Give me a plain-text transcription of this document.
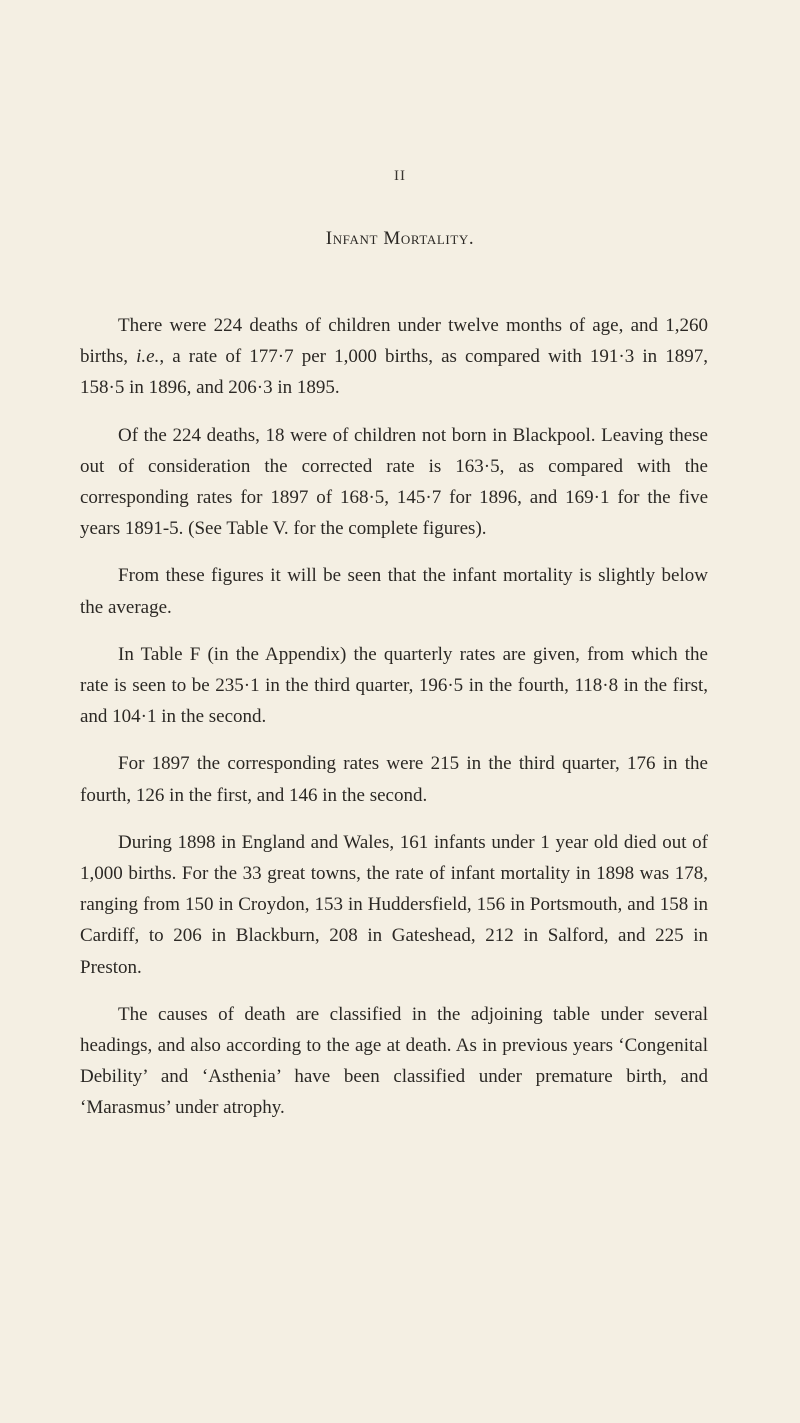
II
Infant Mortality.

There were 224 deaths of children under twelve months of age, and 1,260 births, i.e., a rate of 177·7 per 1,000 births, as compared with 191·3 in 1897, 158·5 in 1896, and 206·3 in 1895.

Of the 224 deaths, 18 were of children not born in Blackpool. Leaving these out of consideration the corrected rate is 163·5, as compared with the corresponding rates for 1897 of 168·5, 145·7 for 1896, and 169·1 for the five years 1891-5. (See Table V. for the complete figures).

From these figures it will be seen that the infant mortality is slightly below the average.

In Table F (in the Appendix) the quarterly rates are given, from which the rate is seen to be 235·1 in the third quarter, 196·5 in the fourth, 118·8 in the first, and 104·1 in the second.

For 1897 the corresponding rates were 215 in the third quarter, 176 in the fourth, 126 in the first, and 146 in the second.

During 1898 in England and Wales, 161 infants under 1 year old died out of 1,000 births. For the 33 great towns, the rate of infant mortality in 1898 was 178, ranging from 150 in Croydon, 153 in Huddersfield, 156 in Portsmouth, and 158 in Cardiff, to 206 in Blackburn, 208 in Gateshead, 212 in Salford, and 225 in Preston.

The causes of death are classified in the adjoining table under several headings, and also according to the age at death. As in previous years ‘Congenital Debility’ and ‘Asthenia’ have been classified under premature birth, and ‘Marasmus’ under atrophy.
